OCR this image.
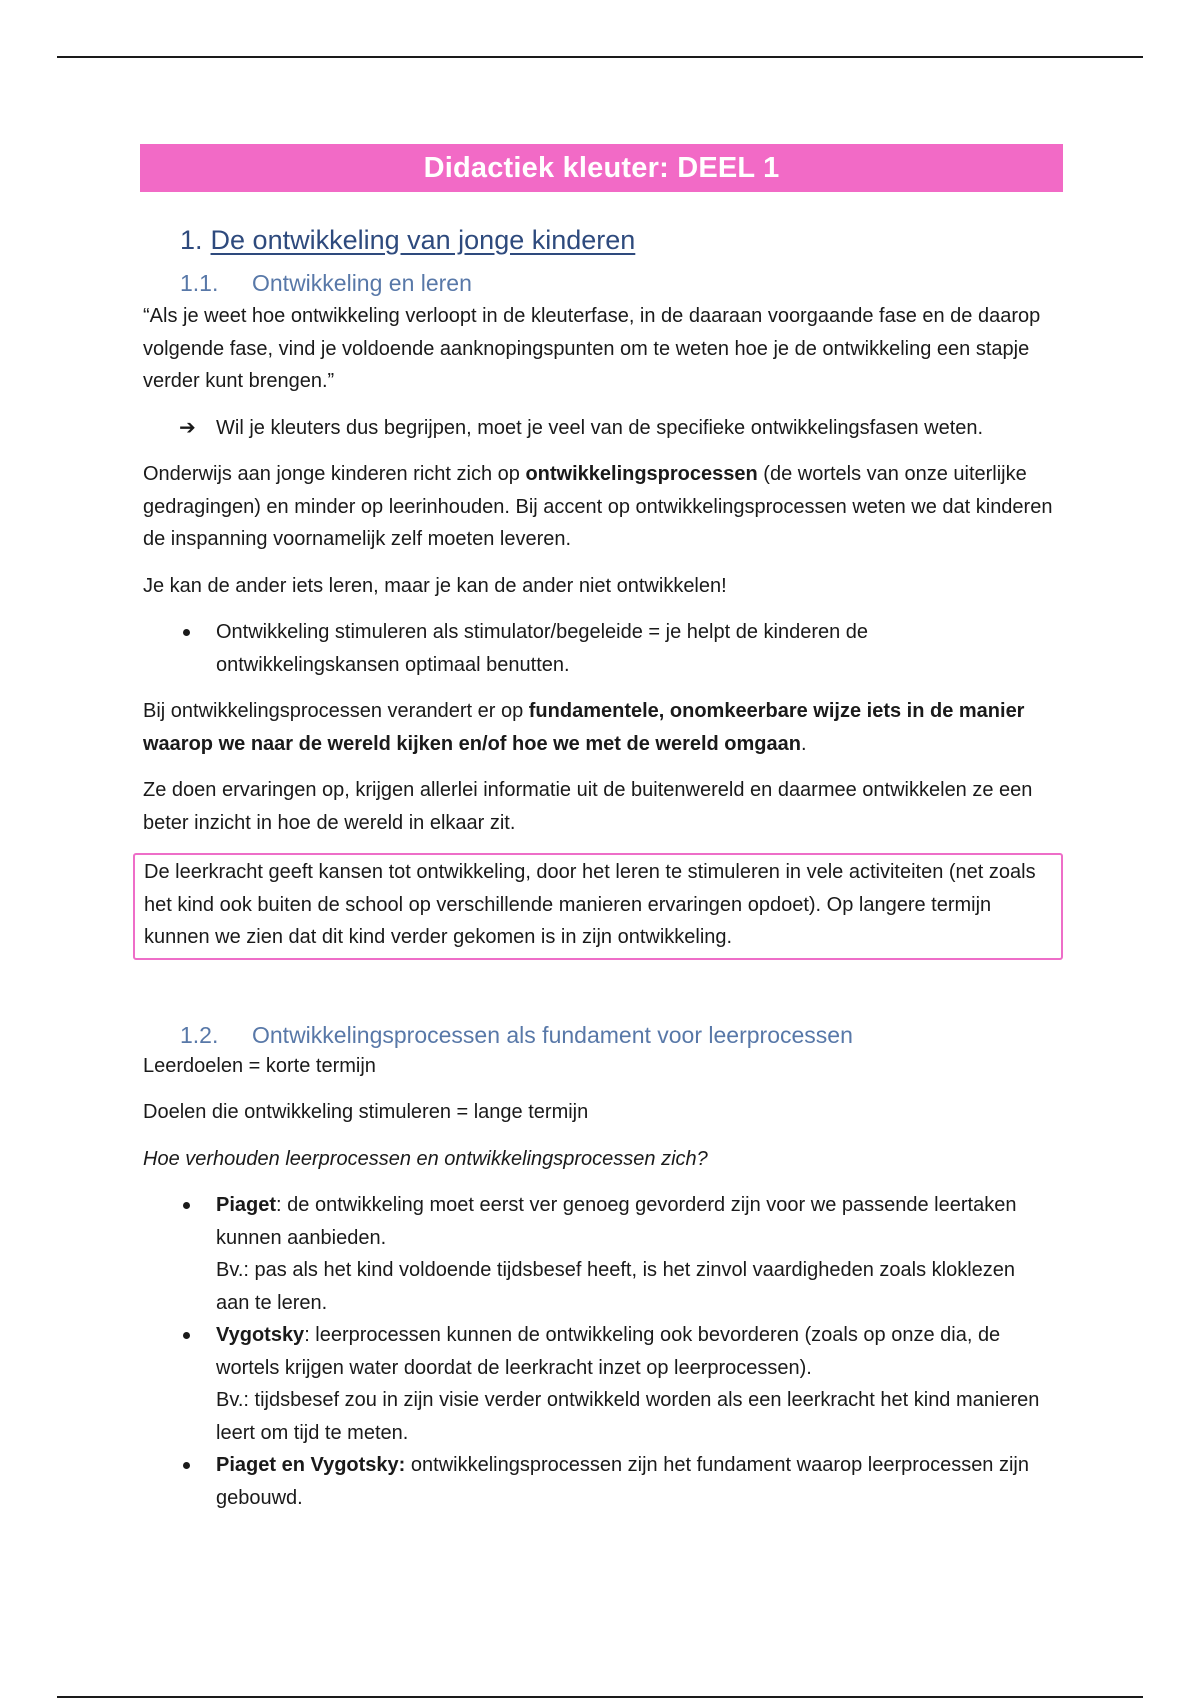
Didactiek kleuter: DEEL 1
1. De ontwikkeling van jonge kinderen
1.1. Ontwikkeling en leren

“Als je weet hoe ontwikkeling verloopt in de kleuterfase, in de daaraan voorgaande fase en de daarop volgende fase, vind je voldoende aanknopingspunten om te weten hoe je de ontwikkeling een stapje verder kunt brengen.”

➔	Wil je kleuters dus begrijpen, moet je veel van de specifieke ontwikkelingsfasen weten.

Onderwijs aan jonge kinderen richt zich op ontwikkelingsprocessen (de wortels van onze uiterlijke gedragingen) en minder op leerinhouden. Bij accent op ontwikkelingsprocessen weten we dat kinderen de inspanning voornamelijk zelf moeten leveren.

Je kan de ander iets leren, maar je kan de ander niet ontwikkelen!

Ontwikkeling stimuleren als stimulator/begeleide = je helpt de kinderen de ontwikkelingskansen optimaal benutten.

Bij ontwikkelingsprocessen verandert er op fundamentele, onomkeerbare wijze iets in de manier waarop we naar de wereld kijken en/of hoe we met de wereld omgaan.

Ze doen ervaringen op, krijgen allerlei informatie uit de buitenwereld en daarmee ontwikkelen ze een beter inzicht in hoe de wereld in elkaar zit.

De leerkracht geeft kansen tot ontwikkeling, door het leren te stimuleren in vele activiteiten (net zoals het kind ook buiten de school op verschillende manieren ervaringen opdoet). Op langere termijn kunnen we zien dat dit kind verder gekomen is in zijn ontwikkeling.

1.2. Ontwikkelingsprocessen als fundament voor leerprocessen

Leerdoelen = korte termijn

Doelen die ontwikkeling stimuleren = lange termijn

Hoe verhouden leerprocessen en ontwikkelingsprocessen zich?

Piaget: de ontwikkeling moet eerst ver genoeg gevorderd zijn voor we passende leertaken kunnen aanbieden.
Bv.: pas als het kind voldoende tijdsbesef heeft, is het zinvol vaardigheden zoals kloklezen aan te leren.
Vygotsky: leerprocessen kunnen de ontwikkeling ook bevorderen (zoals op onze dia, de wortels krijgen water doordat de leerkracht inzet op leerprocessen).
Bv.: tijdsbesef zou in zijn visie verder ontwikkeld worden als een leerkracht het kind manieren leert om tijd te meten.
Piaget en Vygotsky: ontwikkelingsprocessen zijn het fundament waarop leerprocessen zijn gebouwd.
